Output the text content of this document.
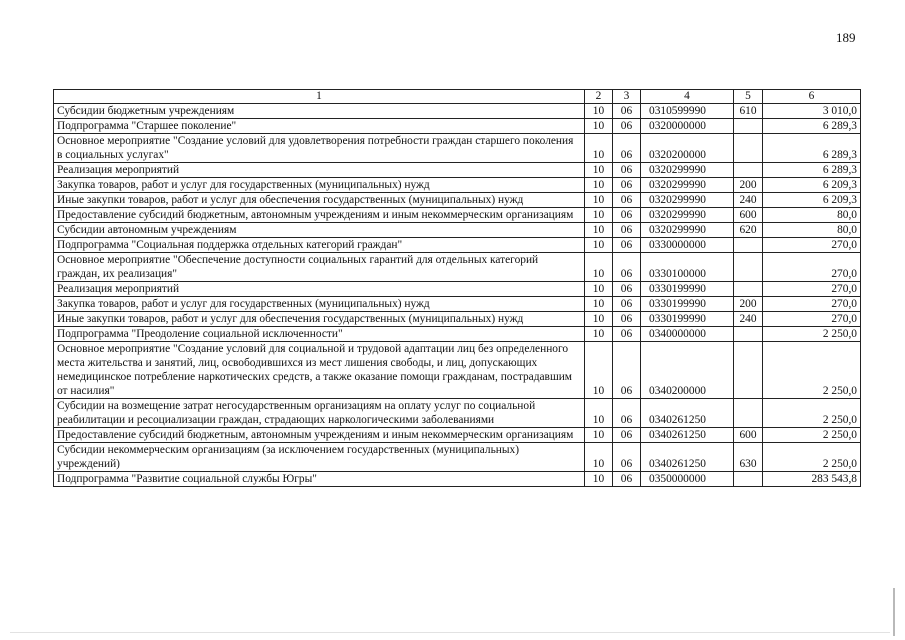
189
1	2	3	4	5	6
Субсидии бюджетным учреждениям	10	06	0310599990	610	3 010,0
Подпрограмма "Старшее поколение"	10	06	0320000000		6 289,3
Основное мероприятие "Создание условий для удовлетворения потребности граждан старшего поколения в социальных услугах"	10	06	0320200000		6 289,3
Реализация мероприятий	10	06	0320299990		6 289,3
Закупка товаров, работ и услуг для государственных (муниципальных) нужд	10	06	0320299990	200	6 209,3
Иные закупки товаров, работ и услуг для обеспечения государственных (муниципальных) нужд	10	06	0320299990	240	6 209,3
Предоставление субсидий бюджетным, автономным учреждениям и иным некоммерческим организациям	10	06	0320299990	600	80,0
Субсидии автономным учреждениям	10	06	0320299990	620	80,0
Подпрограмма "Социальная поддержка отдельных категорий граждан"	10	06	0330000000		270,0
Основное мероприятие "Обеспечение доступности социальных гарантий для отдельных категорий граждан, их реализация"	10	06	0330100000		270,0
Реализация мероприятий	10	06	0330199990		270,0
Закупка товаров, работ и услуг для государственных (муниципальных) нужд	10	06	0330199990	200	270,0
Иные закупки товаров, работ и услуг для обеспечения государственных (муниципальных) нужд	10	06	0330199990	240	270,0
Подпрограмма "Преодоление социальной исключенности"	10	06	0340000000		2 250,0
Основное мероприятие "Создание условий для социальной и трудовой адаптации лиц без определенного места жительства и занятий, лиц, освободившихся из мест лишения свободы, и лиц, допускающих немедицинское потребление наркотических средств, а также оказание помощи гражданам, пострадавшим от насилия"	10	06	0340200000		2 250,0
Субсидии на возмещение затрат негосударственным организациям на оплату услуг по социальной реабилитации и ресоциализации граждан, страдающих наркологическими заболеваниями	10	06	0340261250		2 250,0
Предоставление субсидий бюджетным, автономным учреждениям и иным некоммерческим организациям	10	06	0340261250	600	2 250,0
Субсидии некоммерческим организациям (за исключением государственных (муниципальных) учреждений)	10	06	0340261250	630	2 250,0
Подпрограмма "Развитие социальной службы Югры"	10	06	0350000000		283 543,8
